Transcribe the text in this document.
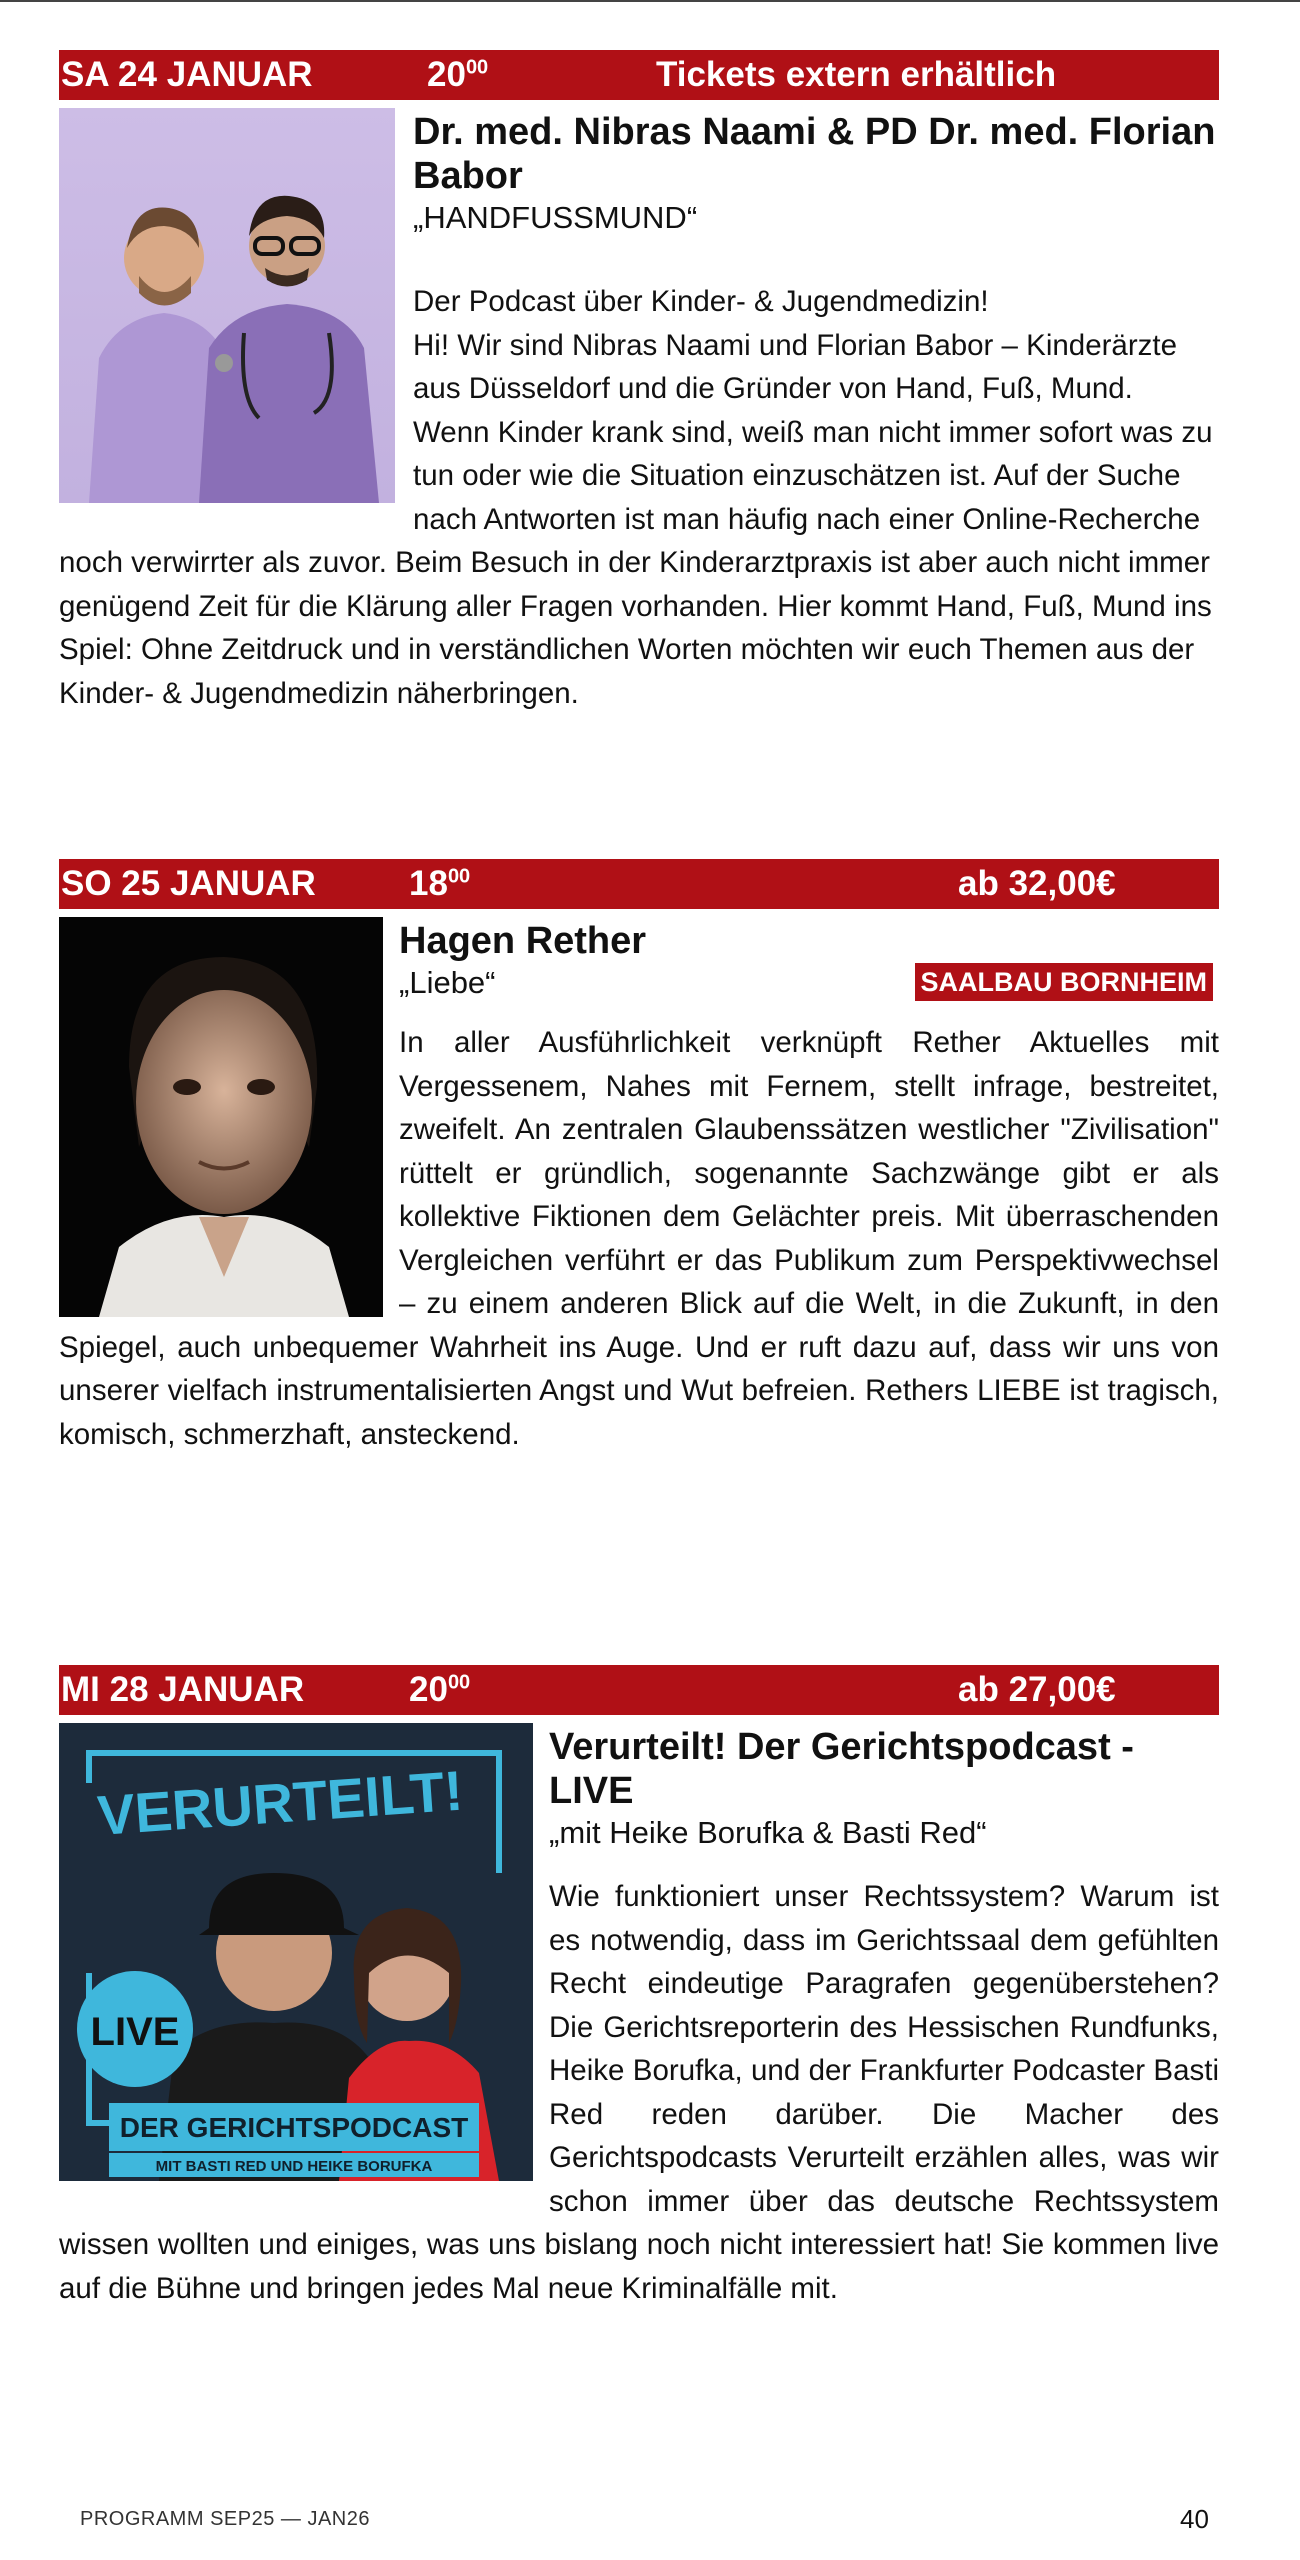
SA 24 JANUAR	$20^{00}$	Tickets extern erhältlich
Dr. med. Nibras Naami & PD Dr. med. Florian Babor
„HANDFUSSMUND“
Der Podcast über Kinder- & Jugendmedizin!
Hi! Wir sind Nibras Naami und Florian Babor – Kinderärzte aus Düsseldorf und die Gründer von Hand, Fuß, Mund.
Wenn Kinder krank sind, weiß man nicht immer sofort was zu tun oder wie die Situation einzuschätzen ist. Auf der Suche nach Antworten ist man häufig nach einer Online-Recherche noch verwirrter als zuvor. Beim Besuch in der Kinderarztpraxis ist aber auch nicht immer genügend Zeit für die Klärung aller Fragen vorhanden. Hier kommt Hand, Fuß, Mund ins Spiel: Ohne Zeitdruck und in verständlichen Worten möchten wir euch Themen aus der Kinder- & Jugendmedizin näherbringen.
SO 25 JANUAR	$18^{00}$	ab 32,00€
Hagen Rether
SAALBAU BORNHEIM
„Liebe“
In aller Ausführlichkeit verknüpft Rether Aktuelles mit Vergessenem, Nahes mit Fernem, stellt infrage, bestreitet, zweifelt. An zentralen Glaubenssätzen westlicher "Zivilisation" rüttelt er gründlich, sogenannte Sachzwänge gibt er als kollektive Fiktionen dem Gelächter preis. Mit überraschenden Vergleichen verführt er das Publikum zum Perspektivwechsel – zu einem anderen Blick auf die Welt, in die Zukunft, in den Spiegel, auch unbequemer Wahrheit ins Auge. Und er ruft dazu auf, dass wir uns von unserer vielfach instrumentalisierten Angst und Wut befreien. Rethers LIEBE ist tragisch, komisch, schmerzhaft, ansteckend.
MI 28 JANUAR	$20^{00}$	ab 27,00€
VERURTEILT!
LIVE
DER GERICHTSPODCAST
MIT BASTI RED UND HEIKE BORUFKA
Verurteilt! Der Gerichtspodcast - LIVE
„mit Heike Borufka & Basti Red“
Wie funktioniert unser Rechtssystem? Warum ist es notwendig, dass im Gerichtssaal dem gefühlten Recht eindeutige Paragrafen gegenüberstehen? Die Gerichtsreporterin des Hessischen Rundfunks, Heike Borufka, und der Frankfurter Podcaster Basti Red reden darüber. Die Macher des Gerichtspodcasts Verurteilt erzählen alles, was wir schon immer über das deutsche Rechtssystem wissen wollten und einiges, was uns bislang noch nicht interessiert hat! Sie kommen live auf die Bühne und bringen jedes Mal neue Kriminalfälle mit.
PROGRAMM SEP25 — JAN26	40
